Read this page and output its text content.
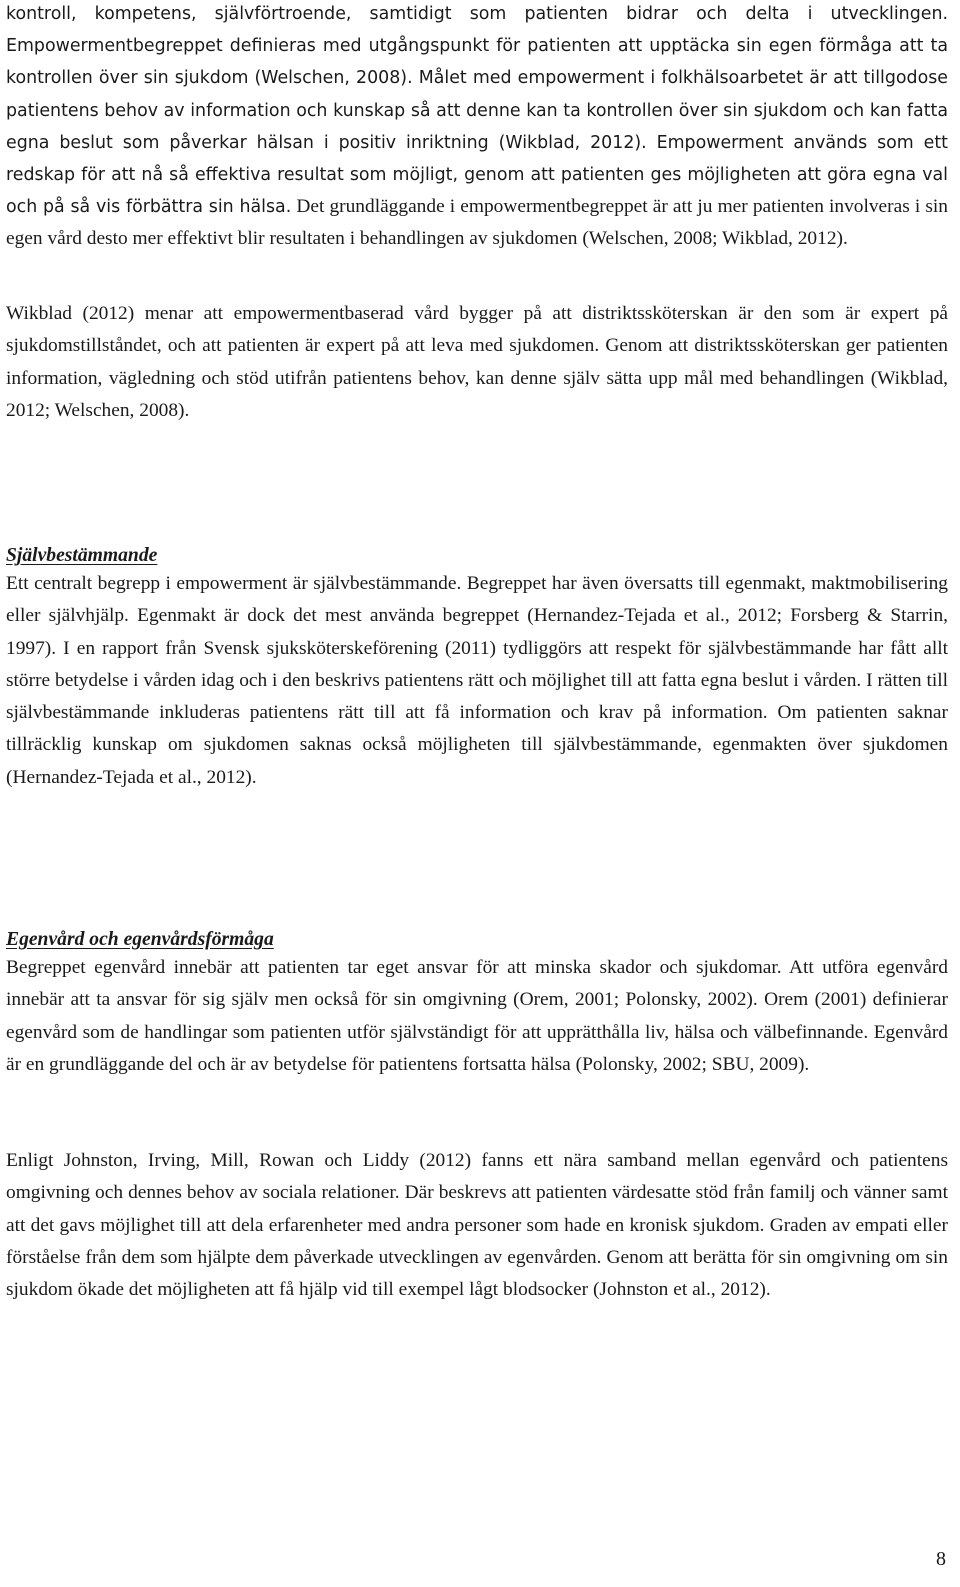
kontroll, kompetens, självförtroende, samtidigt som patienten bidrar och delta i utvecklingen. Empowermentbegreppet definieras med utgångspunkt för patienten att upptäcka sin egen förmåga att ta kontrollen över sin sjukdom (Welschen, 2008). Målet med empowerment i folkhälsoarbetet är att tillgodose patientens behov av information och kunskap så att denne kan ta kontrollen över sin sjukdom och kan fatta egna beslut som påverkar hälsan i positiv inriktning (Wikblad, 2012). Empowerment används som ett redskap för att nå så effektiva resultat som möjligt, genom att patienten ges möjligheten att göra egna val och på så vis förbättra sin hälsa. Det grundläggande i empowermentbegreppet är att ju mer patienten involveras i sin egen vård desto mer effektivt blir resultaten i behandlingen av sjukdomen (Welschen, 2008; Wikblad, 2012).

Wikblad (2012) menar att empowermentbaserad vård bygger på att distriktssköterskan är den som är expert på sjukdomstillståndet, och att patienten är expert på att leva med sjukdomen. Genom att distriktssköterskan ger patienten information, vägledning och stöd utifrån patientens behov, kan denne själv sätta upp mål med behandlingen (Wikblad, 2012; Welschen, 2008).

Självbestämmande

Ett centralt begrepp i empowerment är självbestämmande. Begreppet har även översatts till egenmakt, maktmobilisering eller självhjälp. Egenmakt är dock det mest använda begreppet (Hernandez-Tejada et al., 2012; Forsberg & Starrin, 1997). I en rapport från Svensk sjuksköterskeförening (2011) tydliggörs att respekt för självbestämmande har fått allt större betydelse i vården idag och i den beskrivs patientens rätt och möjlighet till att fatta egna beslut i vården. I rätten till självbestämmande inkluderas patientens rätt till att få information och krav på information. Om patienten saknar tillräcklig kunskap om sjukdomen saknas också möjligheten till självbestämmande, egenmakten över sjukdomen (Hernandez-Tejada et al., 2012).

Egenvård och egenvårdsförmåga

Begreppet egenvård innebär att patienten tar eget ansvar för att minska skador och sjukdomar. Att utföra egenvård innebär att ta ansvar för sig själv men också för sin omgivning (Orem, 2001; Polonsky, 2002). Orem (2001) definierar egenvård som de handlingar som patienten utför självständigt för att upprätthålla liv, hälsa och välbefinnande. Egenvård är en grundläggande del och är av betydelse för patientens fortsatta hälsa (Polonsky, 2002; SBU, 2009).

Enligt Johnston, Irving, Mill, Rowan och Liddy (2012) fanns ett nära samband mellan egenvård och patientens omgivning och dennes behov av sociala relationer. Där beskrevs att patienten värdesatte stöd från familj och vänner samt att det gavs möjlighet till att dela erfarenheter med andra personer som hade en kronisk sjukdom. Graden av empati eller förståelse från dem som hjälpte dem påverkade utvecklingen av egenvården. Genom att berätta för sin omgivning om sin sjukdom ökade det möjligheten att få hjälp vid till exempel lågt blodsocker (Johnston et al., 2012).

8
